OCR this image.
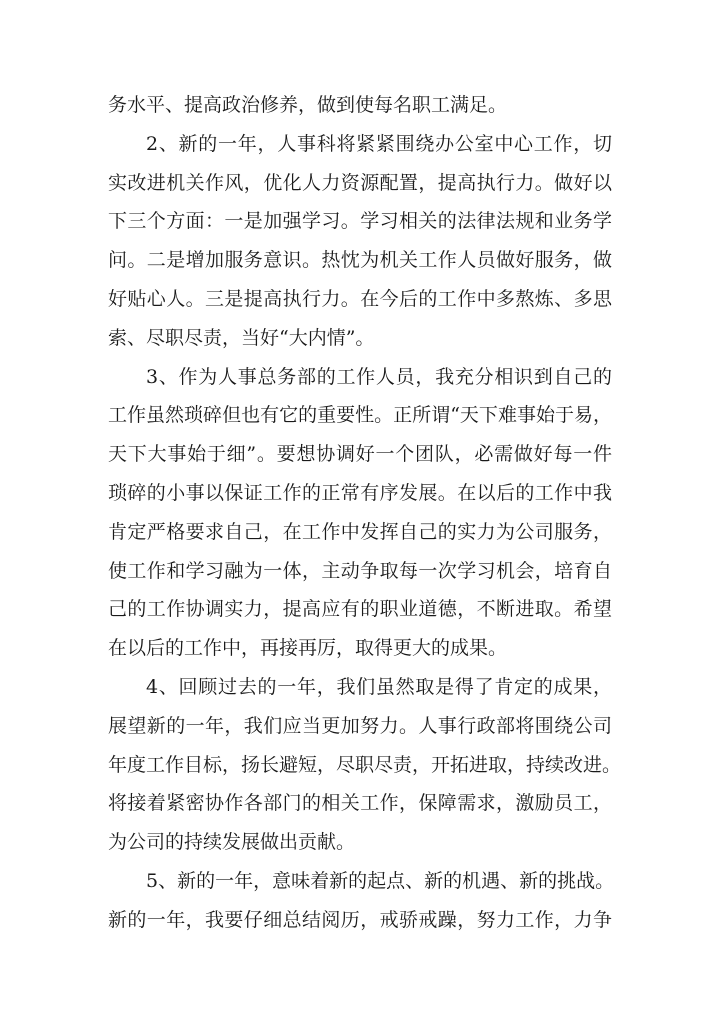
务水平、提高政治修养，做到使每名职工满足。
2、新的一年，人事科将紧紧围绕办公室中心工作，切
实改进机关作风，优化人力资源配置，提高执行力。做好以
下三个方面：一是加强学习。学习相关的法律法规和业务学
问。二是增加服务意识。热忱为机关工作人员做好服务，做
好贴心人。三是提高执行力。在今后的工作中多熬炼、多思
索、尽职尽责，当好“大内情”。
3、作为人事总务部的工作人员，我充分相识到自己的
工作虽然琐碎但也有它的重要性。正所谓“天下难事始于易，
天下大事始于细”。要想协调好一个团队，必需做好每一件
琐碎的小事以保证工作的正常有序发展。在以后的工作中我
肯定严格要求自己，在工作中发挥自己的实力为公司服务，
使工作和学习融为一体，主动争取每一次学习机会，培育自
己的工作协调实力，提高应有的职业道德，不断进取。希望
在以后的工作中，再接再厉，取得更大的成果。
4、回顾过去的一年，我们虽然取是得了肯定的成果，
展望新的一年，我们应当更加努力。人事行政部将围绕公司
年度工作目标，扬长避短，尽职尽责，开拓进取，持续改进。
将接着紧密协作各部门的相关工作，保障需求，激励员工，
为公司的持续发展做出贡献。
5、新的一年，意味着新的起点、新的机遇、新的挑战。
新的一年，我要仔细总结阅历，戒骄戒躁，努力工作，力争
